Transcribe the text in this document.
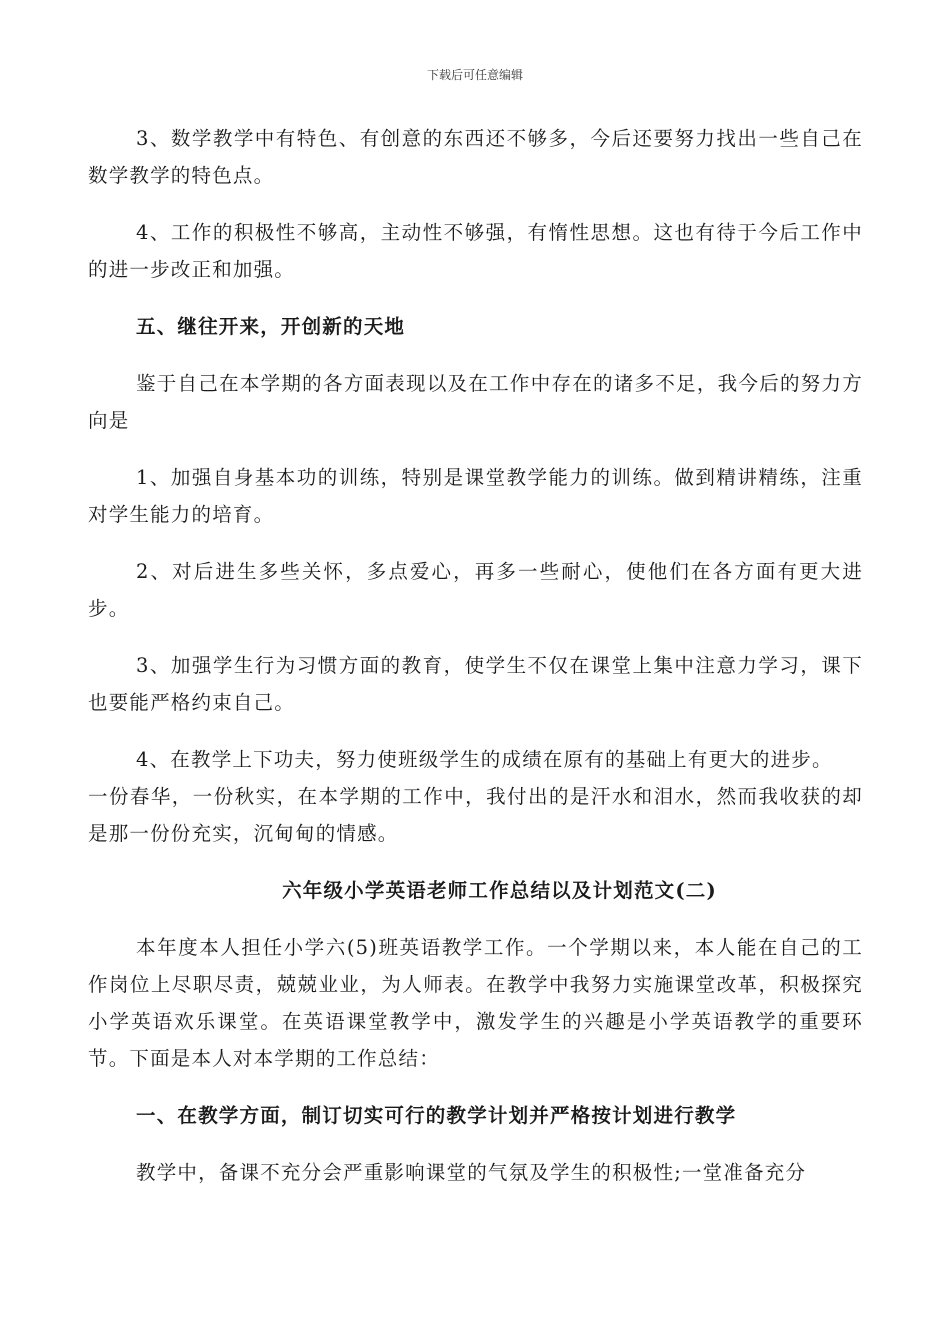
下载后可任意编辑

3、数学教学中有特色、有创意的东西还不够多，今后还要努力找出一些自己在数学教学的特色点。

4、工作的积极性不够高，主动性不够强，有惰性思想。这也有待于今后工作中的进一步改正和加强。

五、继往开来，开创新的天地

鉴于自己在本学期的各方面表现以及在工作中存在的诸多不足，我今后的努力方向是

1、加强自身基本功的训练，特别是课堂教学能力的训练。做到精讲精练，注重对学生能力的培育。

2、对后进生多些关怀，多点爱心，再多一些耐心，使他们在各方面有更大进步。

3、加强学生行为习惯方面的教育，使学生不仅在课堂上集中注意力学习，课下也要能严格约束自己。

4、在教学上下功夫，努力使班级学生的成绩在原有的基础上有更大的进步。

一份春华，一份秋实，在本学期的工作中，我付出的是汗水和泪水，然而我收获的却是那一份份充实，沉甸甸的情感。

六年级小学英语老师工作总结以及计划范文(二)

本年度本人担任小学六(5)班英语教学工作。一个学期以来，本人能在自己的工作岗位上尽职尽责，兢兢业业，为人师表。在教学中我努力实施课堂改革，积极探究小学英语欢乐课堂。在英语课堂教学中，激发学生的兴趣是小学英语教学的重要环节。下面是本人对本学期的工作总结：

一、在教学方面，制订切实可行的教学计划并严格按计划进行教学

教学中，备课不充分会严重影响课堂的气氛及学生的积极性;一堂准备充分
